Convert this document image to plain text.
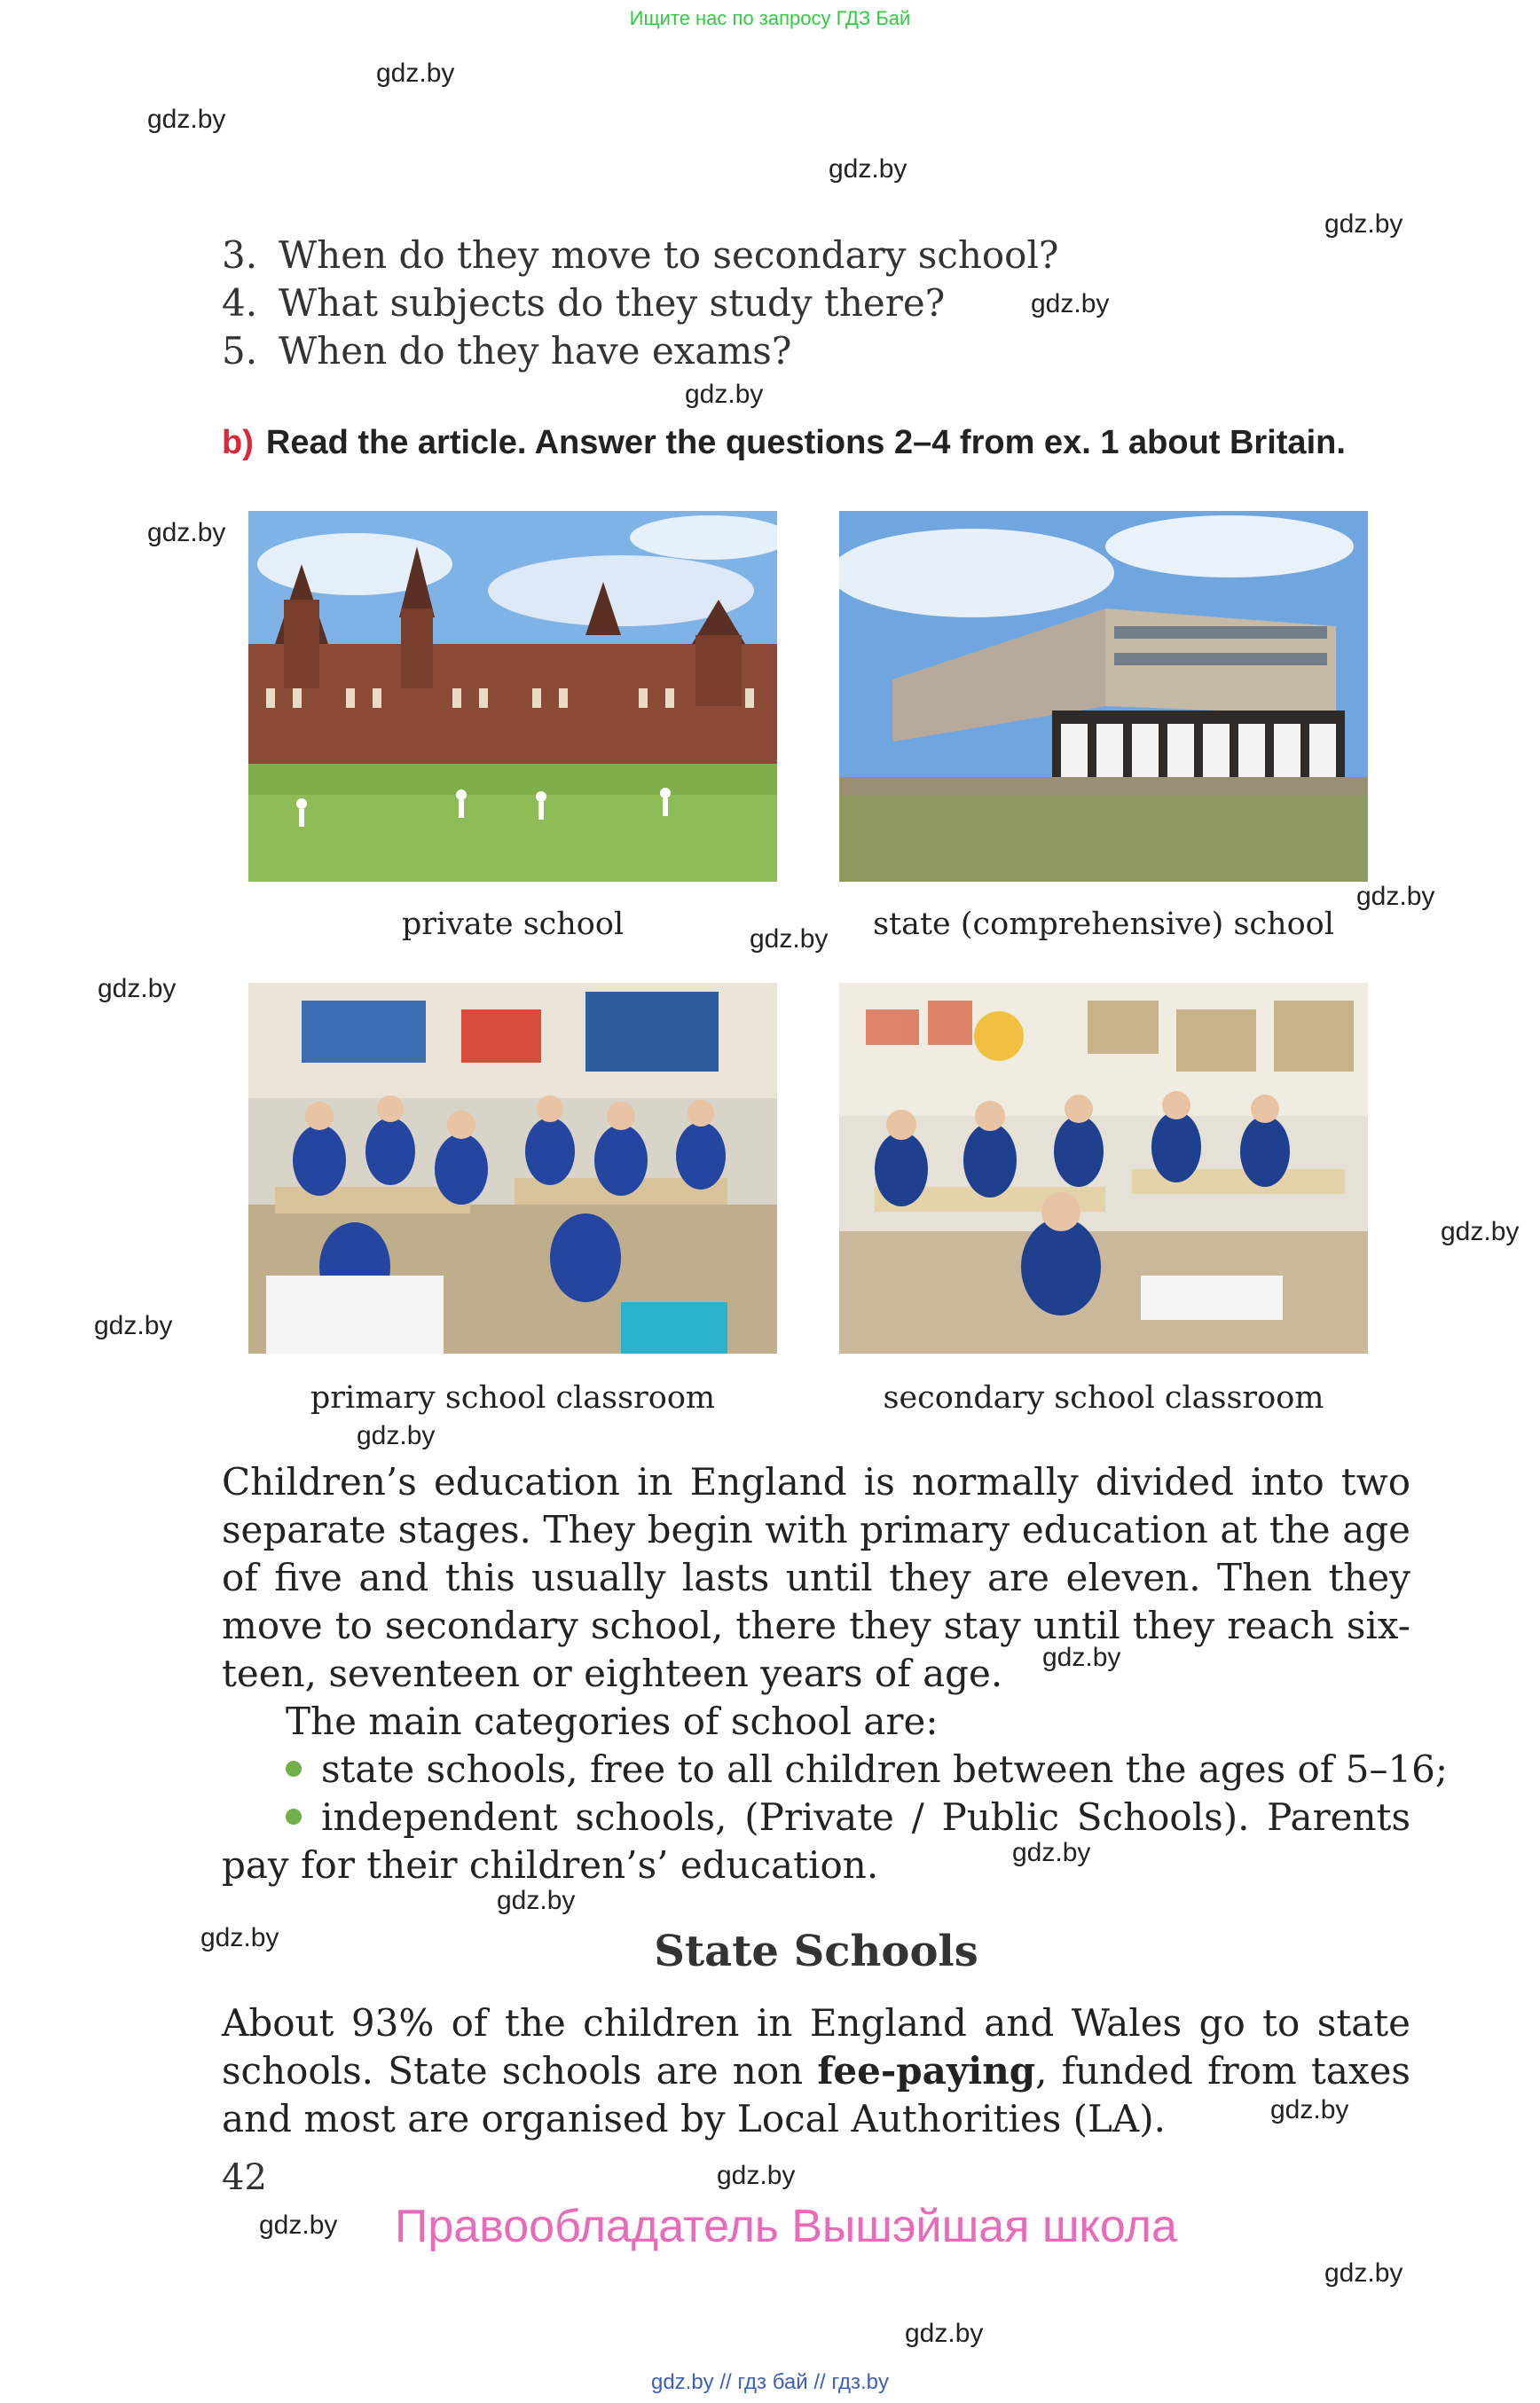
Ищите нас по запросу ГДЗ Бай
gdz.by
gdz.by
gdz.by
gdz.by
gdz.by
gdz.by
gdz.by
gdz.by
gdz.by
gdz.by
gdz.by
gdz.by
gdz.by
gdz.by
gdz.by
gdz.by
gdz.by
gdz.by
gdz.by
gdz.by
gdz.by
gdz.by
3. When do they move to secondary school?
4. What subjects do they study there?
5. When do they have exams?
b) Read the article. Answer the questions 2–4 from ex. 1 about Britain.
private school	state (comprehensive) school
primary school classroom	secondary school classroom
Children’s education in England is normally divided into two
separate stages. They begin with primary education at the age
of five and this usually lasts until they are eleven. Then they
move to secondary school, there they stay until they reach six-
teen, seventeen or eighteen years of age.
The main categories of school are:
state schools, free to all children between the ages of 5–16;
independent schools, (Private / Public Schools). Parents
pay for their children’s’ education.
State Schools
About 93% of the children in England and Wales go to state
schools. State schools are non fee-paying, funded from taxes
and most are organised by Local Authorities (LA).
42
Правообладатель Вышэйшая школа
gdz.by // гдз бай // гдз.by
